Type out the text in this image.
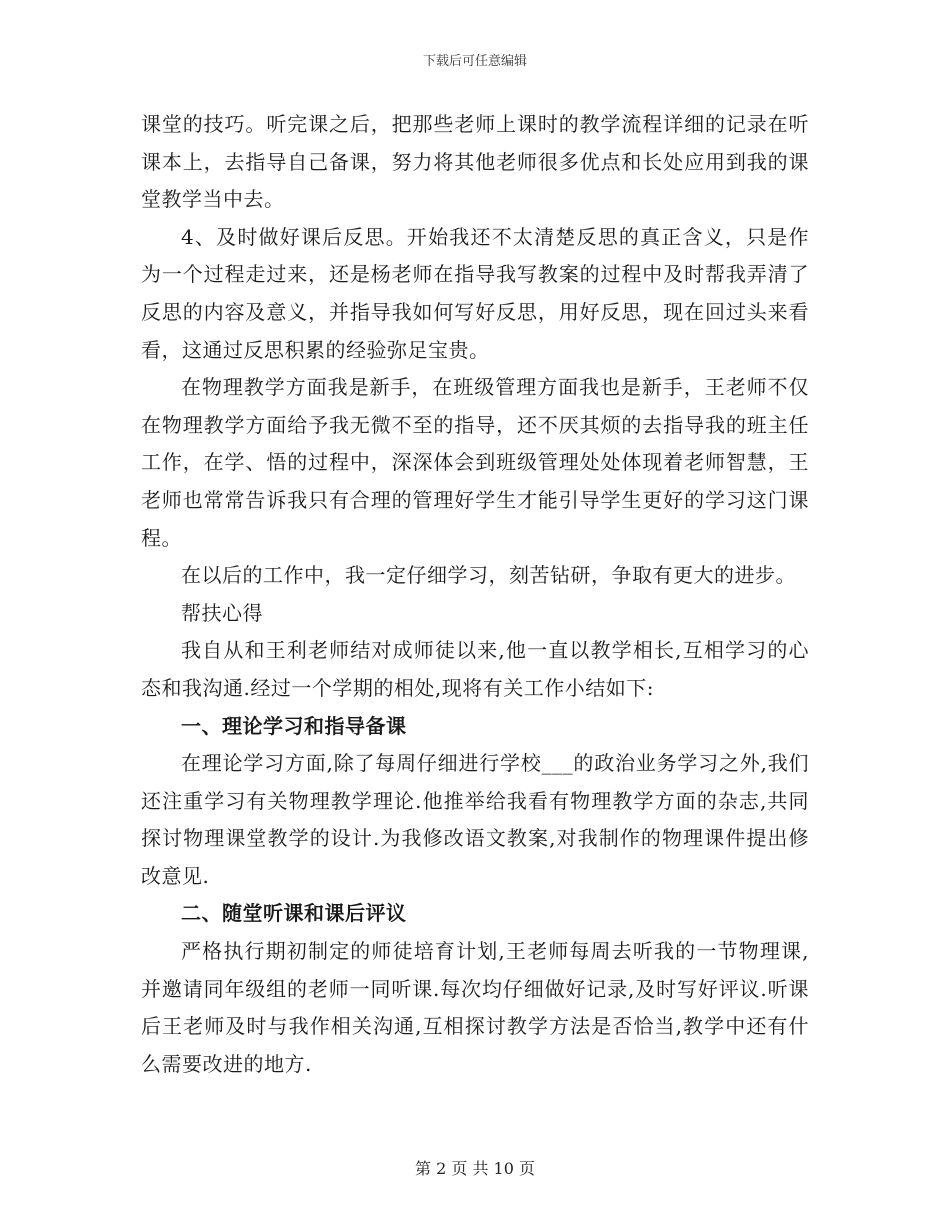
下载后可任意编辑

课堂的技巧。听完课之后，把那些老师上课时的教学流程详细的记录在听课本上，去指导自己备课，努力将其他老师很多优点和长处应用到我的课堂教学当中去。

4、及时做好课后反思。开始我还不太清楚反思的真正含义，只是作为一个过程走过来，还是杨老师在指导我写教案的过程中及时帮我弄清了反思的内容及意义，并指导我如何写好反思，用好反思，现在回过头来看看，这通过反思积累的经验弥足宝贵。

在物理教学方面我是新手，在班级管理方面我也是新手，王老师不仅在物理教学方面给予我无微不至的指导，还不厌其烦的去指导我的班主任工作，在学、悟的过程中，深深体会到班级管理处处体现着老师智慧，王老师也常常告诉我只有合理的管理好学生才能引导学生更好的学习这门课程。

在以后的工作中，我一定仔细学习，刻苦钻研，争取有更大的进步。

帮扶心得

我自从和王利老师结对成师徒以来,他一直以教学相长,互相学习的心态和我沟通.经过一个学期的相处,现将有关工作小结如下:

一、理论学习和指导备课

在理论学习方面,除了每周仔细进行学校___的政治业务学习之外,我们还注重学习有关物理教学理论.他推举给我看有物理教学方面的杂志,共同探讨物理课堂教学的设计.为我修改语文教案,对我制作的物理课件提出修改意见.

二、随堂听课和课后评议

严格执行期初制定的师徒培育计划,王老师每周去听我的一节物理课,并邀请同年级组的老师一同听课.每次均仔细做好记录,及时写好评议.听课后王老师及时与我作相关沟通,互相探讨教学方法是否恰当,教学中还有什么需要改进的地方.

第 2 页 共 10 页
